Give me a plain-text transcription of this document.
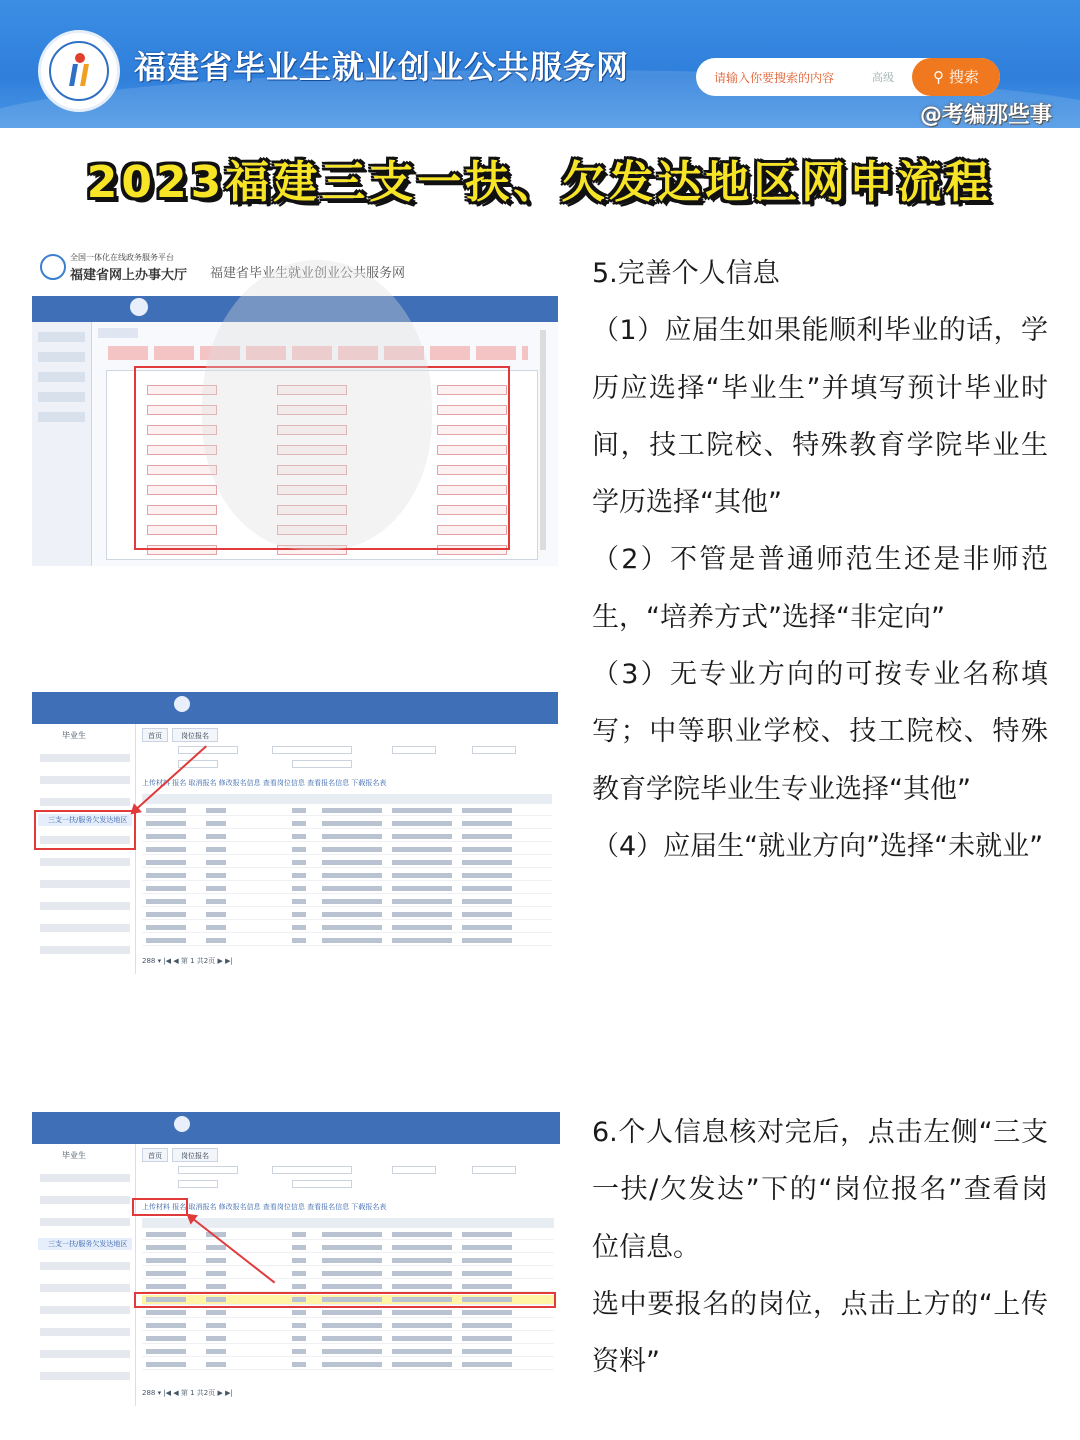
福建省毕业生就业创业公共服务网	请输入你要搜索的内容	高级	⚲ 搜索
@考编那些事
2023福建三支一扶、欠发达地区网申流程
全国一体化在线政务服务平台
福建省网上办事大厅 福建省毕业生就业创业公共服务网
毕业生
三支一扶/服务欠发达地区
首页	岗位报名
上传材料 报名 取消报名 修改报名信息 查看岗位信息 查看报名信息 下载报名表
288 ▾ |◀ ◀ 第 1 共2页 ▶ ▶|
毕业生
三支一扶/服务欠发达地区
首页	岗位报名
上传材料 报名 取消报名 修改报名信息 查看岗位信息 查看报名信息 下载报名表
288 ▾ |◀ ◀ 第 1 共2页 ▶ ▶|

5.完善个人信息

（1）应届生如果能顺利毕业的话，学历应选择“毕业生”并填写预计毕业时间，技工院校、特殊教育学院毕业生学历选择“其他”

（2）不管是普通师范生还是非师范生，“培养方式”选择“非定向”

（3）无专业方向的可按专业名称填写；中等职业学校、技工院校、特殊教育学院毕业生专业选择“其他”

（4）应届生“就业方向”选择“未就业”

6.个人信息核对完后，点击左侧“三支一扶/欠发达”下的“岗位报名”查看岗位信息。

选中要报名的岗位，点击上方的“上传资料”
